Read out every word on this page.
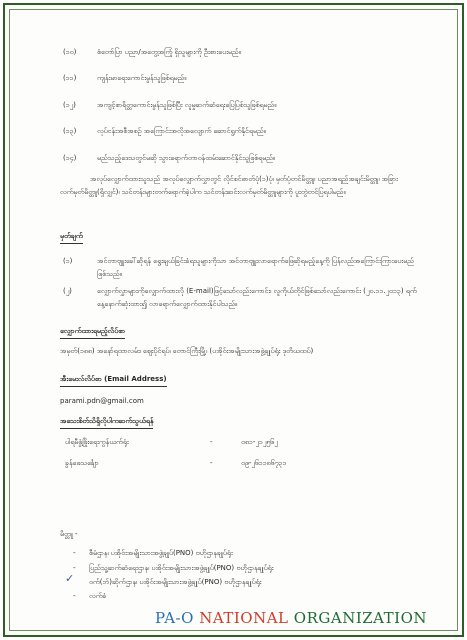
(၁၀)	စံတော်ပြာ ပညာ/အတွေ့အကြုံ ရှိသူများကို ဦးစားပေးမည်။
(၁၁)	ကျန်းမာရေးကောင်းမွန်သူဖြစ်ရမည်။
(၁၂)	အကျင့်စာရိတ္တကောင်းမွန်သူဖြစ်ပြီး လူမှုဆက်ဆံရေးပြေပြစ်သူဖြစ်ရမည်။
(၁၃)	လုပ်ငန်းအစီအစဉ် အကြောင်းအလိုအလျောက် ဆောင်ရွက်နိုင်ရမည်။
(၁၄)	မည်သည့်ဒေသတွင်မဆို သွားရောက်တာဝန်ထမ်းဆောင်နိုင်သူဖြစ်ရမည်။
အလုပ်လျှောက်ထားသူသည် အလုပ်လျှောက်လွှာတွင် လိုင်စင်ဓာတ်ပုံ(၁)ပုံ၊ မှတ်ပုံတင်မိတ္တူ၊ ပညာအရည်အချင်းမိတ္တူ၊ အခြားလက်မှတ်မိတ္တူ(ရှိလျှင်)၊ သင်တန်းများတက်ရောက်ခဲ့ပါက သင်တန်းဆင်းလက်မှတ်မိတ္တူများကို ပူးတွဲတင်ပြရပါမည်။
မှတ်ချက်
(၁)	အင်တာဗျူးခေါ်ဆိုရန် ရွေးချယ်ခြင်းခံရသူများကိုသာ အင်တာဗျူးလာရောက်ဖြေဆိုရမည့်နေ့ကို ပြန်လည်အကြောင်းကြားပေးမည်ဖြစ်သည်။
(၂)	လျှောက်လွှာများကိုလျှောက်ထားလို (E-mail)ဖြင့်သော်လည်းကောင်း၊ လူကိုယ်တိုင်ဖြစ်သော်လည်းကောင်း (၂၀.၁၁.၂၀၁၃) ရက်နေ့နောက်ဆုံးထား၍ လာရောက်လျှောက်ထားနိုင်ပါသည်။
လျှောက်ထားရမည့်လိပ်စာ
အမှတ်(၁၈၈) အနော်ရထာလမ်း၊ ဈေးပိုင်ရပ်၊ တောင်ကြီးမြို့၊ (ပအိုဝ်းအမျိုးသားအဖွဲ့ချုပ်ရုံး ဒုတိယထပ်)
အီးမေးလ်လိပ်စာ (Email Address)
parami.pdn@gmail.com
အသေးစိတ်သိရှိလိုပါကဆက်သွယ်ရန်
ပါရမီဖွံ့ဖြိုးရေးကွန်ယက်ရုံး	-	၀၈၁-၂၁၂၅၆၂
ခွန်ဖေသင်္ချော	-	၀၉-၂၆၁၁၈၆၇၃၁
မိတ္တူ -
- စီမံဌာန၊ ပအိုဝ်းအမျိုးသားအဖွဲ့ချုပ်(PNO) ဗဟိုဌာနချုပ်ရုံး
- ပြည်သူ့ဆက်ဆံရေးဌာန၊ ပအိုဝ်းအမျိုးသားအဖွဲ့ချုပ်(PNO) ဗဟိုဌာနချုပ်ရုံး
✓ ဝက်(ဘ်)ဆိုက်ဌာန၊ ပအိုဝ်းအမျိုးသားအဖွဲ့ချုပ်(PNO) ဗဟိုဌာနချုပ်ရုံး
- လက်ခံ
PA-O NATIONAL ORGANIZATION
